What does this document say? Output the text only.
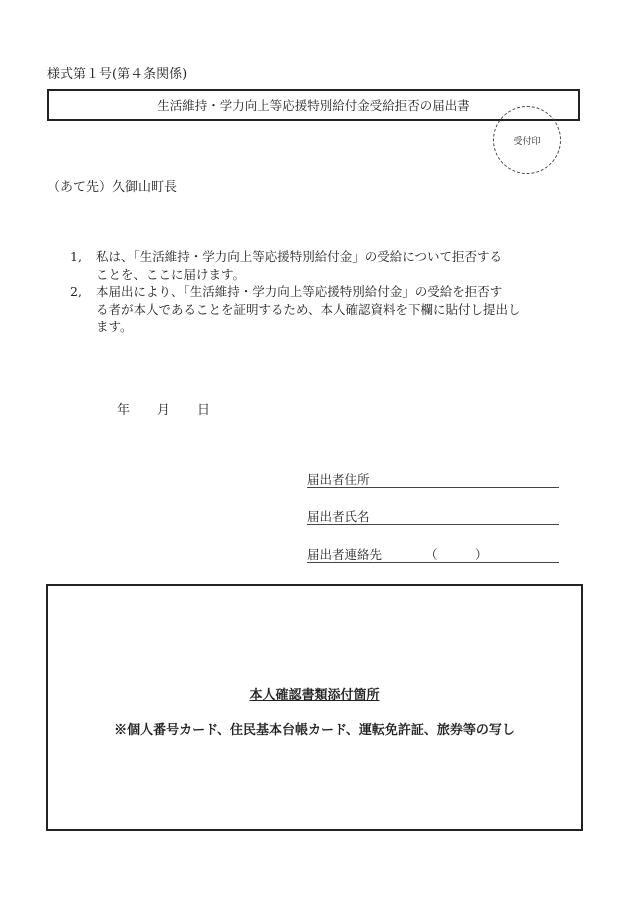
様式第１号(第４条関係)
生活維持・学力向上等応援特別給付金受給拒否の届出書
受付印
（あて先）久御山町長
1,	私は、「生活維持・学力向上等応援特別給付金」の受給について拒否する
ことを、ここに届けます。
2,	本届出により、「生活維持・学力向上等応援特別給付金」の受給を拒否す
る者が本人であることを証明するため、本人確認資料を下欄に貼付し提出し
ます。
年 月 日
届出者住所
届出者氏名
届出者連絡先	（　　　）
本人確認書類添付箇所
※個人番号カード、住民基本台帳カード、運転免許証、旅券等の写し
